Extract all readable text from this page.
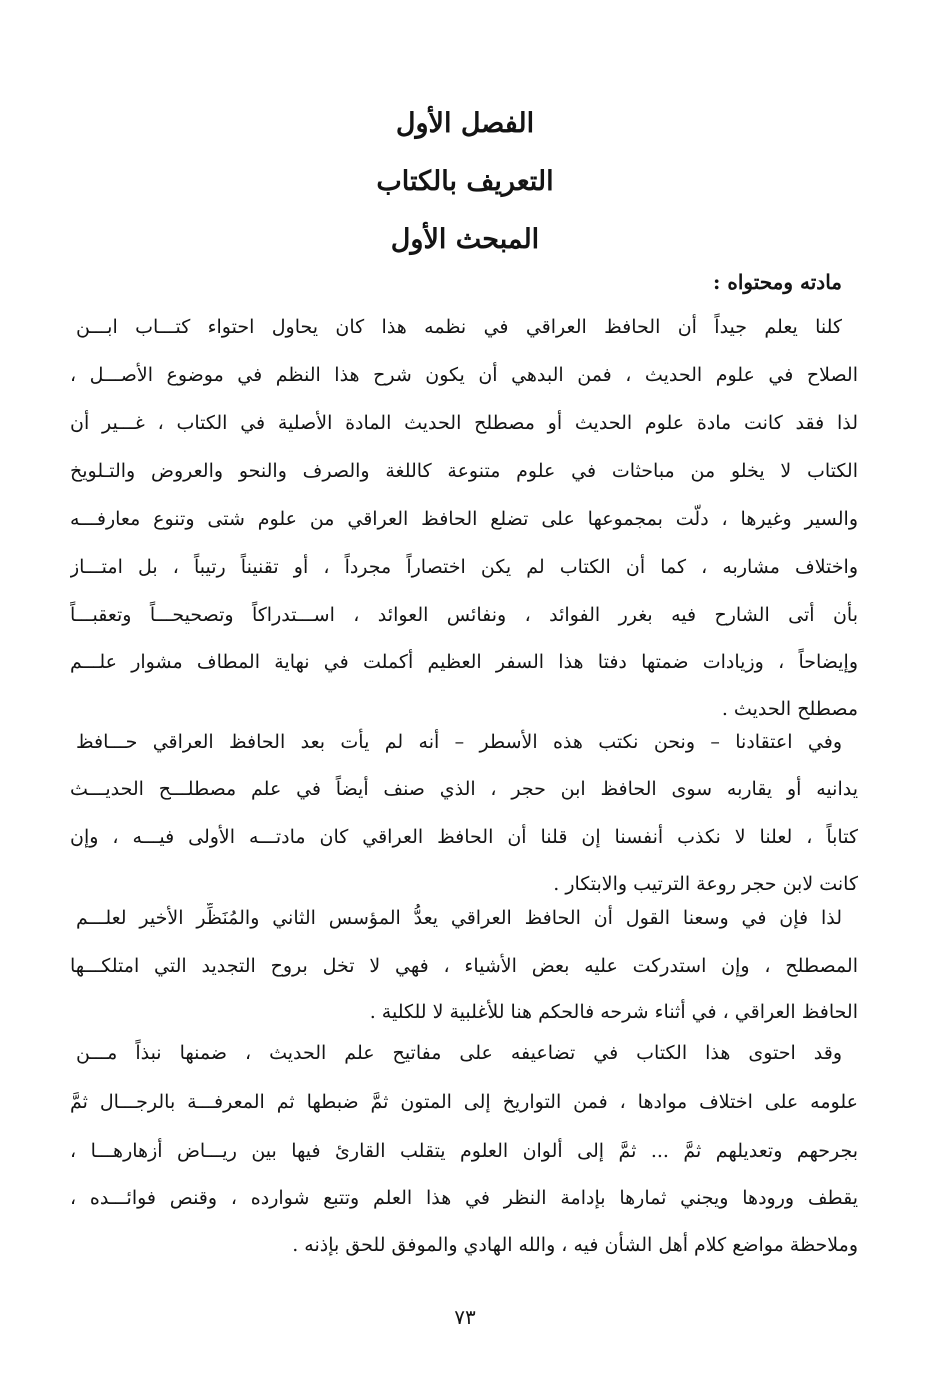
الفصل الأول
التعريف بالكتاب
المبحث الأول
مادته ومحتواه :
كلنا يعلم جيداً أن الحافظ العراقي في نظمه هذا كان يحاول احتواء كتـــاب ابـــن
الصلاح في علوم الحديث ، فمن البدهي أن يكون شرح هذا النظم في موضوع الأصـــل ،
لذا فقد كانت مادة علوم الحديث أو مصطلح الحديث المادة الأصلية في الكتاب ، غـــير أن
الكتاب لا يخلو من مباحثات في علوم متنوعة كاللغة والصرف والنحو والعروض والتـلويخ
والسير وغيرها ، دلّت بمجموعها على تضلع الحافظ العراقي من علوم شتى وتنوع معارفـــه
واختلاف مشاربه ، كما أن الكتاب لم يكن اختصاراً مجرداً ، أو تقنيناً رتيباً ، بل امتـــاز
بأن أتى الشارح فيه بغرر الفوائد ، ونفائس العوائد ، اســـتدراكاً وتصحيحـــاً وتعقبـــاً
وإيضاحاً ، وزيادات ضمتها دفتا هذا السفر العظيم أكملت في نهاية المطاف مشوار علـــم
مصطلح الحديث .
وفي اعتقادنا – ونحن نكتب هذه الأسطر – أنه لم يأت بعد الحافظ العراقي حـــافظ
يدانيه أو يقاربه سوى الحافظ ابن حجر ، الذي صنف أيضاً في علم مصطلـــح الحديـــث
كتاباً ، لعلنا لا نكذب أنفسنا إن قلنا أن الحافظ العراقي كان مادتـــه الأولى فيـــه ، وإن
كانت لابن حجر روعة الترتيب والابتكار .
لذا فإن في وسعنا القول أن الحافظ العراقي يعدُّ المؤسس الثاني والمُنَظِّر الأخير لعلـــم
المصطلح ، وإن استدركت عليه بعض الأشياء ، فهي لا تخل بروح التجديد التي امتلكـــها
الحافظ العراقي ، في أثناء شرحه فالحكم هنا للأغلبية لا للكلية .
وقد احتوى هذا الكتاب في تضاعيفه على مفاتيح علم الحديث ، ضمنها نبذاً مـــن
علومه على اختلاف موادها ، فمن التواريخ إلى المتون ثمَّ ضبطها ثم المعرفـــة بالرجـــال ثمَّ
بجرحهم وتعديلهم ثمَّ ... ثمَّ إلى ألوان العلوم يتقلب القارئ فيها بين ريـــاض أزهارهـــا ،
يقطف ورودها ويجني ثمارها بإدامة النظر في هذا العلم وتتبع شوارده ، وقنص فوائـــده ،
وملاحظة مواضع كلام أهل الشأن فيه ، والله الهادي والموفق للحق بإذنه .
٧٣
